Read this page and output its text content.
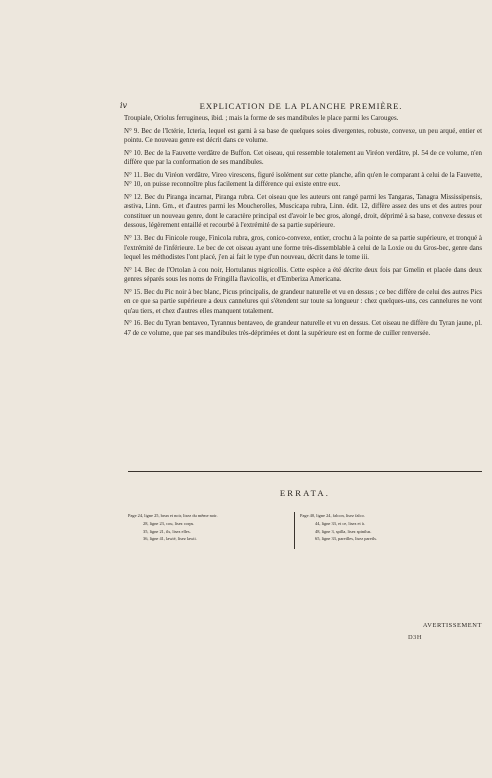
iv	EXPLICATION DE LA PLANCHE PREMIÈRE.
Troupiale, Oriolus ferrugineus, ibid. ; mais la forme de ses mandibules le place parmi les Carouges.
N° 9. Bec de l'Ictérie, Icteria, lequel est garni à sa base de quelques soies divergentes, robuste, convexe, un peu arqué, entier et pointu. Ce nouveau genre est décrit dans ce volume.
N° 10. Bec de la Fauvette verdâtre de Buffon. Cet oiseau, qui ressemble totalement au Viréon verdâtre, pl. 54 de ce volume, n'en diffère que par la conformation de ses mandibules.
N° 11. Bec du Viréon verdâtre, Vireo virescens, figuré isolément sur cette planche, afin qu'en le comparant à celui de la Fauvette, N° 10, on puisse reconnoître plus facilement la différence qui existe entre eux.
N° 12. Bec du Piranga incarnat, Piranga rubra. Cet oiseau que les auteurs ont rangé parmi les Tangaras, Tanagra Mississipensis, æstiva, Linn. Gm., et d'autres parmi les Moucherolles, Muscicapa rubra, Linn. édit. 12, diffère assez des uns et des autres pour constituer un nouveau genre, dont le caractère principal est d'avoir le bec gros, alongé, droit, déprimé à sa base, convexe dessus et dessous, légèrement entaillé et recourbé à l'extrémité de sa partie supérieure.
N° 13. Bec du Finicole rouge, Finicola rubra, gros, conico-convexe, entier, crochu à la pointe de sa partie supérieure, et tronqué à l'extrémité de l'inférieure. Le bec de cet oiseau ayant une forme très-dissemblable à celui de la Loxie ou du Gros-bec, genre dans lequel les méthodistes l'ont placé, j'en ai fait le type d'un nouveau, décrit dans le tome iii.
N° 14. Bec de l'Ortolan à cou noir, Hortulanus nigricollis. Cette espèce a été décrite deux fois par Gmelin et placée dans deux genres séparés sous les noms de Fringilla flavicollis, et d'Emberiza Americana.
N° 15. Bec du Pic noir à bec blanc, Picus principalis, de grandeur naturelle et vu en dessus ; ce bec diffère de celui des autres Pics en ce que sa partie supérieure a deux cannelures qui s'étendent sur toute sa longueur : chez quelques-uns, ces cannelures ne vont qu'au tiers, et chez d'autres elles manquent totalement.
N° 16. Bec du Tyran bentaveo, Tyrannus bentaveo, de grandeur naturelle et vu en dessus. Cet oiseau ne diffère du Tyran jaune, pl. 47 de ce volume, que par ses mandibules très-déprimées et dont la supérieure est en forme de cuiller renversée.
ERRATA.
Page 24, ligne 25, brun et noir, lisez du même noir.
28, ligne 23, cou, lisez corps.
35, ligne 21, ils, lisez elles.
36, ligne 41, lawië, lisez lawii.
Page 40, ligne 24, falcon, lisez falco.
44, ligne 33, et ce, lisez et à.
48, ligne 3, spilla, lisez spinilus.
65, ligne 33, pareilles, lisez pareils.
AVERTISSEMENT
D3H
